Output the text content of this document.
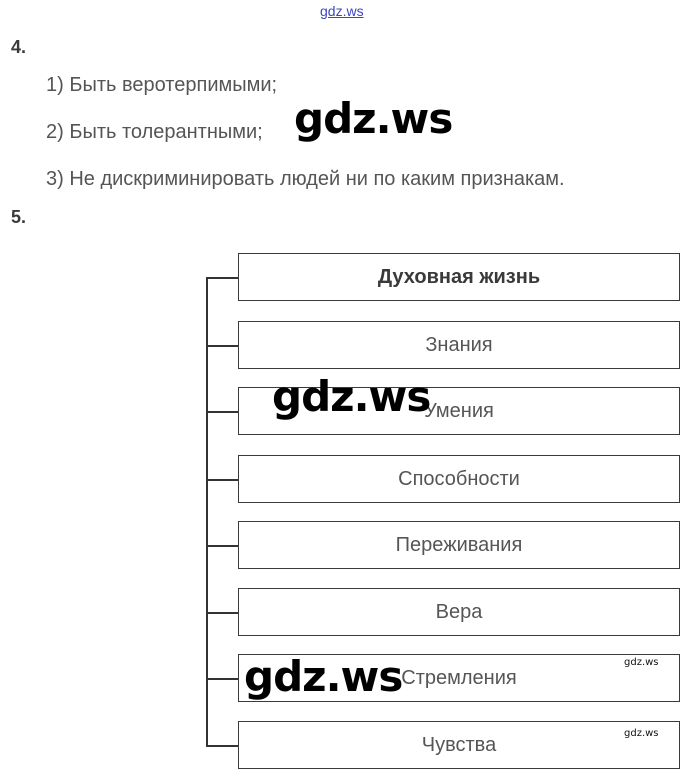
gdz.ws
4.
1) Быть веротерпимыми;
2) Быть толерантными;
3) Не дискриминировать людей ни по каким признакам.
gdz.ws
5.
Духовная жизнь
Знания
Умения
Способности
Переживания
Вера
Стремления
Чувства
gdz.ws
gdz.ws	gdz.ws
gdz.ws
